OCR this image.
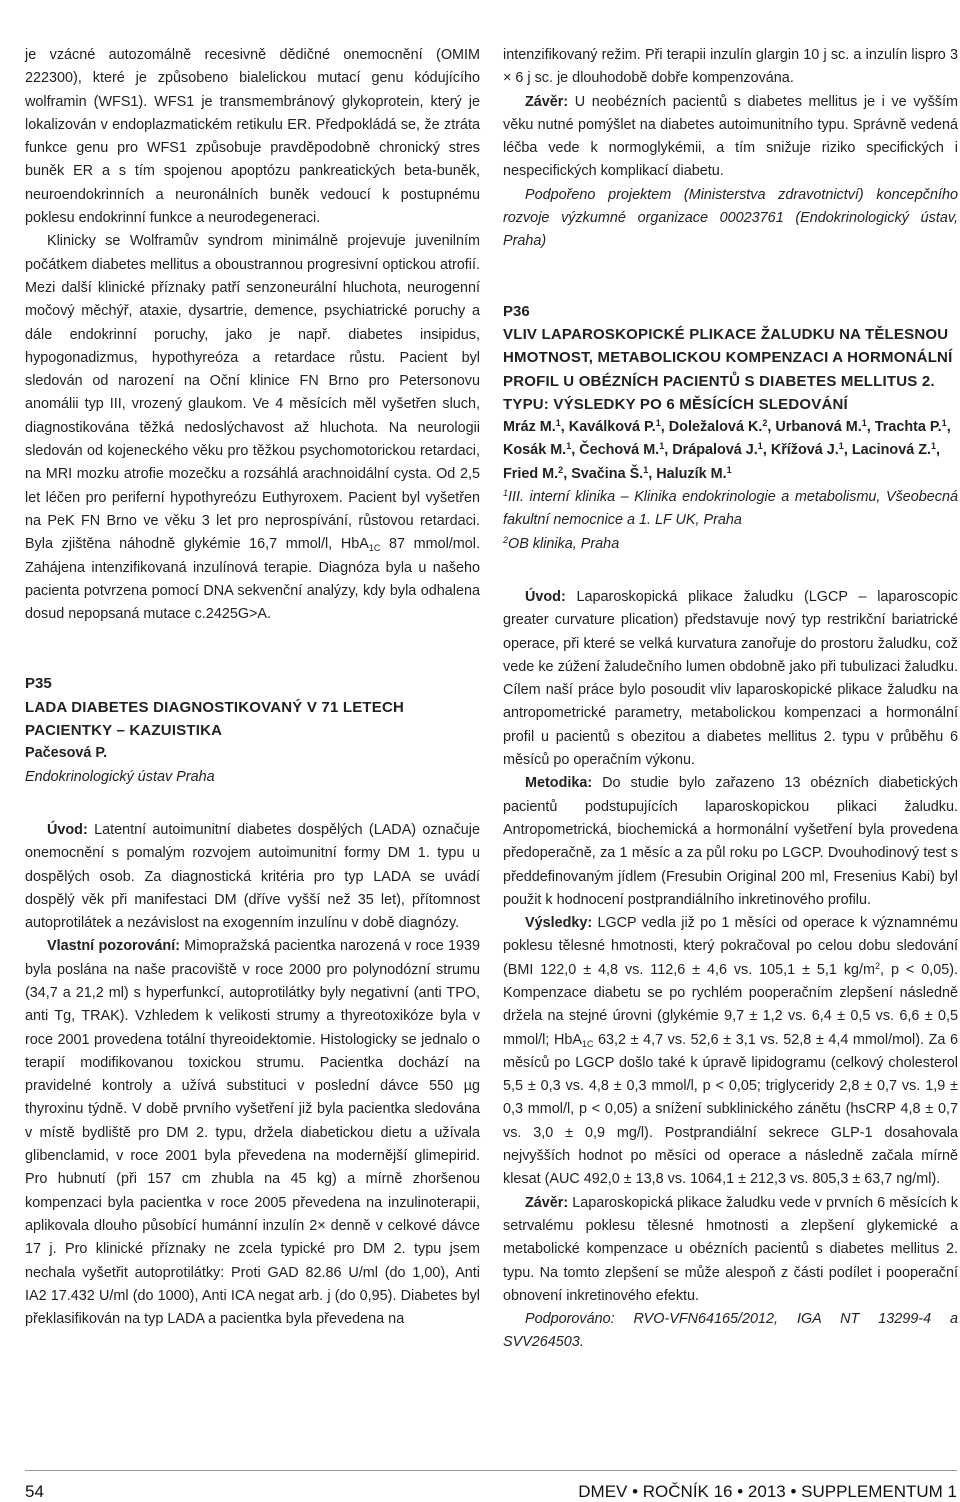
je vzácné autozomálně recesivně dědičné onemocnění (OMIM 222300), které je způsobeno bialelickou mutací genu kódujícího wolframin (WFS1). WFS1 je transmembránový glykoprotein, který je lokalizován v endoplazmatickém retikulu ER. Předpokládá se, že ztráta funkce genu pro WFS1 způsobuje pravděpodobně chronický stres buněk ER a s tím spojenou apoptózu pankreatických beta-buněk, neuroendokrinních a neuronálních buněk vedoucí k postupnému poklesu endokrinní funkce a neurodegeneraci.

Klinicky se Wolframův syndrom minimálně projevuje juvenilním počátkem diabetes mellitus a oboustrannou progresivní optickou atrofií. Mezi další klinické příznaky patří senzoneurální hluchota, neurogenní močový měchýř, ataxie, dysartrie, demence, psychiatrické poruchy a dále endokrinní poruchy, jako je např. diabetes insipidus, hypogonadizmus, hypothyreóza a retardace růstu. Pacient byl sledován od narození na Oční klinice FN Brno pro Petersonovu anomálii typ III, vrozený glaukom. Ve 4 měsících měl vyšetřen sluch, diagnostikována těžká nedoslýchavost až hluchota. Na neurologii sledován od kojeneckého věku pro těžkou psychomotorickou retardaci, na MRI mozku atrofie mozečku a rozsáhlá arachnoidální cysta. Od 2,5 let léčen pro periferní hypothyreózu Euthyroxem. Pacient byl vyšetřen na PeK FN Brno ve věku 3 let pro neprospívání, růstovou retardaci. Byla zjištěna náhodně glykémie 16,7 mmol/l, HbA$_{1C}$ 87 mmol/mol. Zahájena intenzifikovaná inzulínová terapie. Diagnóza byla u našeho pacienta potvrzena pomocí DNA sekvenční analýzy, kdy byla odhalena dosud nepopsaná mutace c.2425G>A.

P35

LADA DIABETES DIAGNOSTIKOVANÝ V 71 LETECH PACIENTKY – KAZUISTIKA

Pačesová P.

Endokrinologický ústav Praha

Úvod: Latentní autoimunitní diabetes dospělých (LADA) označuje onemocnění s pomalým rozvojem autoimunitní formy DM 1. typu u dospělých osob. Za diagnostická kritéria pro typ LADA se uvádí dospělý věk při manifestaci DM (dříve vyšší než 35 let), přítomnost autoprotilátek a nezávislost na exogenním inzulínu v době diagnózy.

Vlastní pozorování: Mimopražská pacientka narozená v roce 1939 byla poslána na naše pracoviště v roce 2000 pro polynodózní strumu (34,7 a 21,2 ml) s hyperfunkcí, autoprotilátky byly negativní (anti TPO, anti Tg, TRAK). Vzhledem k velikosti strumy a thyreotoxikóze byla v roce 2001 provedena totální thyreoidektomie. Histologicky se jednalo o terapií modifikovanou toxickou strumu. Pacientka dochází na pravidelné kontroly a užívá substituci v poslední dávce 550 µg thyroxinu týdně. V době prvního vyšetření již byla pacientka sledována v místě bydliště pro DM 2. typu, držela diabetickou dietu a užívala glibenclamid, v roce 2001 byla převedena na modernější glimepirid. Pro hubnutí (při 157 cm zhubla na 45 kg) a mírně zhoršenou kompenzaci byla pacientka v roce 2005 převedena na inzulinoterapii, aplikovala dlouho působící humánní inzulín 2× denně v celkové dávce 17 j. Pro klinické příznaky ne zcela typické pro DM 2. typu jsem nechala vyšetřit autoprotilátky: Proti GAD 82.86 U/ml (do 1,00), Anti IA2 17.432 U/ml (do 1000), Anti ICA negat arb. j (do 0,95). Diabetes byl překlasifikován na typ LADA a pacientka byla převedena na

intenzifikovaný režim. Při terapii inzulín glargin 10 j sc. a inzulín lispro 3 × 6 j sc. je dlouhodobě dobře kompenzována.

Závěr: U neobézních pacientů s diabetes mellitus je i ve vyšším věku nutné pomýšlet na diabetes autoimunitního typu. Správně vedená léčba vede k normoglykémii, a tím snižuje riziko specifických i nespecifických komplikací diabetu.

Podpořeno projektem (Ministerstva zdravotnictví) koncepčního rozvoje výzkumné organizace 00023761 (Endokrinologický ústav, Praha)

P36

VLIV LAPAROSKOPICKÉ PLIKACE ŽALUDKU NA TĚLESNOU HMOTNOST, METABOLICKOU KOMPENZACI A HORMONÁLNÍ PROFIL U OBÉZNÍCH PACIENTŮ S DIABETES MELLITUS 2. TYPU: VÝSLEDKY PO 6 MĚSÍCÍCH SLEDOVÁNÍ

Mráz M.$^1$, Kaválková P.$^1$, Doležalová K.$^2$, Urbanová M.$^1$, Trachta P.$^1$, Kosák M.$^1$, Čechová M.$^1$, Drápalová J.$^1$, Křížová J.$^1$, Lacinová Z.$^1$, Fried M.$^2$, Svačina Š.$^1$, Haluzík M.$^1$

$^1$III. interní klinika – Klinika endokrinologie a metabolismu, Všeobecná fakultní nemocnice a 1. LF UK, Praha

$^2$OB klinika, Praha

Úvod: Laparoskopická plikace žaludku (LGCP – laparoscopic greater curvature plication) představuje nový typ restrikční bariatrické operace, při které se velká kurvatura zanořuje do prostoru žaludku, což vede ke zúžení žaludečního lumen obdobně jako při tubulizaci žaludku. Cílem naší práce bylo posoudit vliv laparoskopické plikace žaludku na antropometrické parametry, metabolickou kompenzaci a hormonální profil u pacientů s obezitou a diabetes mellitus 2. typu v průběhu 6 měsíců po operačním výkonu.

Metodika: Do studie bylo zařazeno 13 obézních diabetických pacientů podstupujících laparoskopickou plikaci žaludku. Antropometrická, biochemická a hormonální vyšetření byla provedena předoperačně, za 1 měsíc a za půl roku po LGCP. Dvouhodinový test s předdefinovaným jídlem (Fresubin Original 200 ml, Fresenius Kabi) byl použit k hodnocení postprandiálního inkretinového profilu.

Výsledky: LGCP vedla již po 1 měsíci od operace k významnému poklesu tělesné hmotnosti, který pokračoval po celou dobu sledování (BMI 122,0 ± 4,8 vs. 112,6 ± 4,6 vs. 105,1 ± 5,1 $kg/m^2$, p < 0,05). Kompenzace diabetu se po rychlém pooperačním zlepšení následně držela na stejné úrovni (glykémie 9,7 ± 1,2 vs. 6,4 ± 0,5 vs. 6,6 ± 0,5 mmol/l; HbA$_{1C}$ 63,2 ± 4,7 vs. 52,6 ± 3,1 vs. 52,8 ± 4,4 mmol/mol). Za 6 měsíců po LGCP došlo také k úpravě lipidogramu (celkový cholesterol 5,5 ± 0,3 vs. 4,8 ± 0,3 mmol/l, p < 0,05; triglyceridy 2,8 ± 0,7 vs. 1,9 ± 0,3 mmol/l, p < 0,05) a snížení subklinického zánětu (hsCRP 4,8 ± 0,7 vs. 3,0 ± 0,9 mg/l). Postprandiální sekrece GLP-1 dosahovala nejvyšších hodnot po měsíci od operace a následně začala mírně klesat (AUC 492,0 ± 13,8 vs. 1064,1 ± 212,3 vs. 805,3 ± 63,7 ng/ml).

Závěr: Laparoskopická plikace žaludku vede v prvních 6 měsících k setrvalému poklesu tělesné hmotnosti a zlepšení glykemické a metabolické kompenzace u obézních pacientů s diabetes mellitus 2. typu. Na tomto zlepšení se může alespoň z části podílet i pooperační obnovení inkretinového efektu.

Podporováno: RVO-VFN64165/2012, IGA NT 13299-4 a SVV264503.

54	DMEV • ROČNÍK 16 • 2013 • SUPPLEMENTUM 1
